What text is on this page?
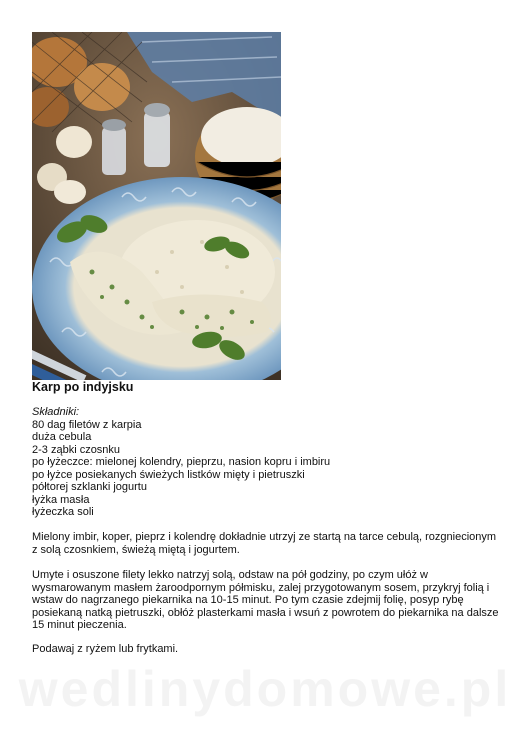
Karp po indyjsku
Składniki:
80 dag filetów z karpia
duża cebula
2-3 ząbki czosnku
po łyżeczce: mielonej kolendry, pieprzu, nasion kopru i imbiru
po łyżce posiekanych świeżych listków mięty i pietruszki
półtorej szklanki jogurtu
łyżka masła
łyżeczka soli

Mielony imbir, koper, pieprz i kolendrę dokładnie utrzyj ze startą na tarce cebulą, rozgniecionym z solą czosnkiem, świeżą miętą i jogurtem.

Umyte i osuszone filety lekko natrzyj solą, odstaw na pół godziny, po czym ułóż w wysmarowanym masłem żaroodpornym półmisku, zalej przygotowanym sosem, przykryj folią i wstaw do nagrzanego piekarnika na 10-15 minut. Po tym czasie zdejmij folię, posyp rybę posiekaną natką pietruszki, obłóż plasterkami masła i wsuń z powrotem do piekarnika na dalsze 15 minut pieczenia.

Podawaj z ryżem lub frytkami.

wedlinydomowe.pl
